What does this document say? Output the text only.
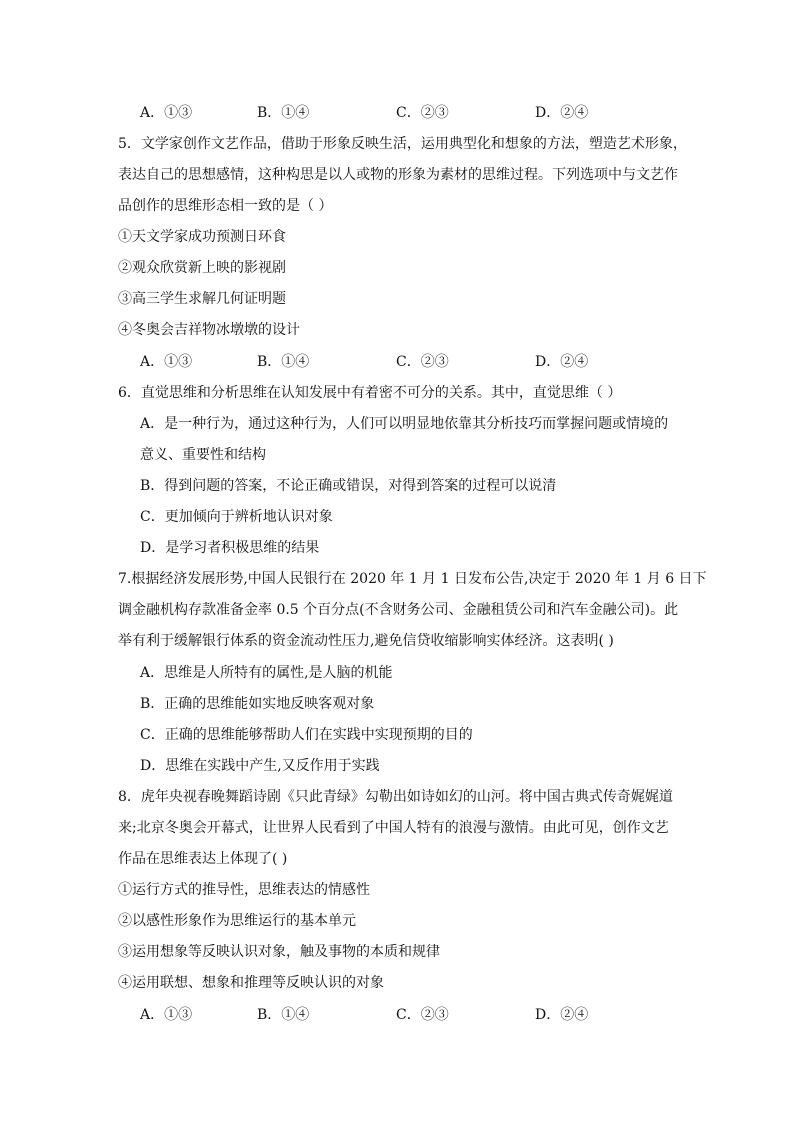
A．①③	B．①④	C．②③	D．②④
5．文学家创作文艺作品，借助于形象反映生活，运用典型化和想象的方法，塑造艺术形象，
表达自己的思想感情，这种构思是以人或物的形象为素材的思维过程。下列选项中与文艺作
品创作的思维形态相一致的是（ ）
①天文学家成功预测日环食
②观众欣赏新上映的影视剧
③高三学生求解几何证明题
④冬奥会吉祥物冰墩墩的设计
A．①③	B．①④	C．②③	D．②④
6．直觉思维和分析思维在认知发展中有着密不可分的关系。其中，直觉思维（ ）
A．是一种行为，通过这种行为，人们可以明显地依靠其分析技巧而掌握问题或情境的
意义、重要性和结构
B．得到问题的答案，不论正确或错误，对得到答案的过程可以说清
C．更加倾向于辨析地认识对象
D．是学习者积极思维的结果
7.根据经济发展形势,中国人民银行在 2020 年 1 月 1 日发布公告,决定于 2020 年 1 月 6 日下
调金融机构存款准备金率 0.5 个百分点(不含财务公司、金融租赁公司和汽车金融公司)。此
举有利于缓解银行体系的资金流动性压力,避免信贷收缩影响实体经济。这表明( )
A．思维是人所特有的属性,是人脑的机能
B．正确的思维能如实地反映客观对象
C．正确的思维能够帮助人们在实践中实现预期的目的
D．思维在实践中产生,又反作用于实践
8．虎年央视春晚舞蹈诗剧《只此青绿》勾勒出如诗如幻的山河。将中国古典式传奇娓娓道
来;北京冬奥会开幕式，让世界人民看到了中国人特有的浪漫与激情。由此可见，创作文艺
作品在思维表达上体现了( )
①运行方式的推导性，思维表达的情感性
②以感性形象作为思维运行的基本单元
③运用想象等反映认识对象，触及事物的本质和规律
④运用联想、想象和推理等反映认识的对象
A．①③	B．①④	C．②③	D．②④
